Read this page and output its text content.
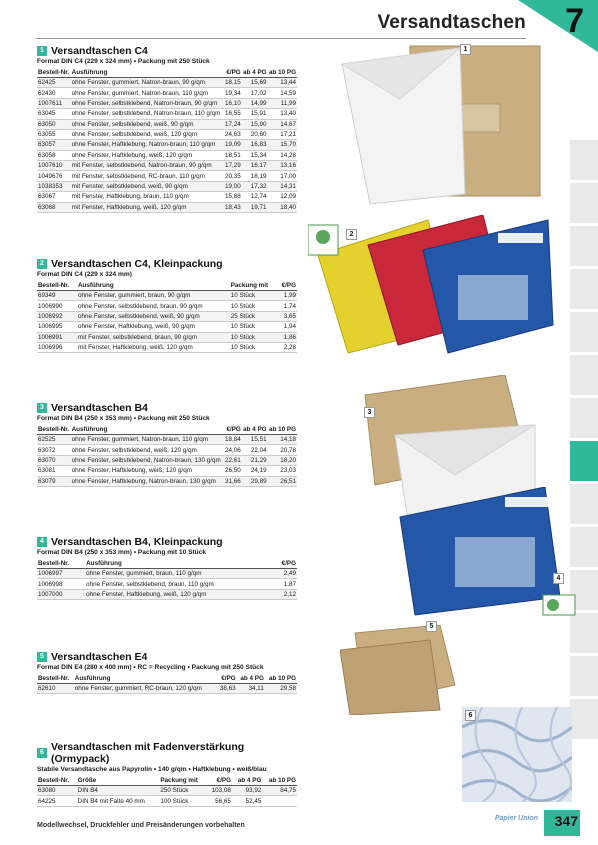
7
Versandtaschen
1 Versandtaschen C4
Format DIN C4 (229 x 324 mm) • Packung mit 250 Stück
Bestell-Nr.	Ausführung	€/PG	ab 4 PG	ab 10 PG
62425	ohne Fenster, gummiert, Natron-braun, 90 g/qm	18,15	15,69	13,44
62430	ohne Fenster, gummiert, Natron-braun, 110 g/qm	19,34	17,02	14,59
1007611	ohne Fenster, selbstklebend, Natron-braun, 90 g/qm	16,10	14,99	11,99
63045	ohne Fenster, selbstklebend, Natron-braun, 110 g/qm	16,55	15,91	13,40
63050	ohne Fenster, selbstklebend, weiß, 90 g/qm	17,24	15,90	14,67
63055	ohne Fenster, selbstklebend, weiß, 120 g/qm	24,63	20,60	17,21
63057	ohne Fenster, Haftklebung, Natron-braun, 110 g/qm	19,09	16,83	15,70
63058	ohne Fenster, Haftklebung, weiß, 120 g/qm	18,51	15,34	14,28
1007610	mit Fenster, selbstklebend, Natron-braun, 90 g/qm	17,29	16,17	13,16
1049676	mit Fenster, selbstklebend, RC-braun, 110 g/qm	20,35	18,19	17,00
1038353	mit Fenster, selbstklebend, weiß, 90 g/qm	19,00	17,32	14,31
63067	mit Fenster, Haftklebung, braun, 110 g/qm	15,88	12,74	12,09
63068	mit Fenster, Haftklebung, weiß, 120 g/qm	18,43	19,71	18,40
2 Versandtaschen C4, Kleinpackung
Format DIN C4 (229 x 324 mm)
Bestell-Nr.	Ausführung	Packung mit	€/PG
69349	ohne Fenster, gummiert, braun, 90 g/qm	10 Stück	1,99
1006990	ohne Fenster, selbstklebend, braun, 90 g/qm	10 Stück	1,74
1006992	ohne Fenster, selbstklebend, weiß, 90 g/qm	25 Stück	3,65
1006995	ohne Fenster, Haftklebung, weiß, 90 g/qm	10 Stück	1,94
1006991	mit Fenster, selbstklebend, braun, 90 g/qm	10 Stück	1,86
1006996	mit Fenster, Haftklebung, weiß, 120 g/qm	10 Stück	2,28
3 Versandtaschen B4
Format DIN B4 (250 x 353 mm) • Packung mit 250 Stück
Bestell-Nr.	Ausführung	€/PG	ab 4 PG	ab 10 PG
62525	ohne Fenster, gummiert, Natron-braun, 110 g/qm	18,84	15,51	14,18
63072	ohne Fenster, selbstklebend, weiß, 120 g/qm	24,06	22,04	20,78
63070	ohne Fenster, selbstklebend, Natron-braun, 130 g/qm	22,61	21,29	18,20
63081	ohne Fenster, Haftklebung, weiß, 120 g/qm	26,50	24,19	23,03
63079	ohne Fenster, Haftklebung, Natron-braun, 130 g/qm	31,66	29,89	26,51
4 Versandtaschen B4, Kleinpackung
Format DIN B4 (250 x 353 mm) • Packung mit 10 Stück
Bestell-Nr.	Ausführung	€/PG
1006997	ohne Fenster, gummiert, braun, 110 g/qm	2,49
1006998	ohne Fenster, selbstklebend, braun, 110 g/qm	1,87
1007000	ohne Fenster, Haftklebung, weiß, 120 g/qm	2,12
5 Versandtaschen E4
Format DIN E4 (280 x 400 mm) • RC = Recycling • Packung mit 250 Stück
Bestell-Nr.	Ausführung	€/PG	ab 4 PG	ab 10 PG
62610	ohne Fenster, gummiert, RC-braun, 120 g/qm	38,63	34,11	29,58
6 Versandtaschen mit Fadenverstärkung (Ormypack)
Stabile Versandtasche aus Papyrolin • 140 g/qm • Haftklebung • weiß/blau
Bestell-Nr.	Größe	Packung mit	€/PG	ab 4 PG	ab 10 PG
63080	DIN B4	250 Stück	103,08	93,92	84,75
64225	DIN B4 mit Falte 40 mm	100 Stück	56,65	52,45	
1
2
3
4
5
6
Modellwechsel, Druckfehler und Preisänderungen vorbehalten
Papier Union 347
